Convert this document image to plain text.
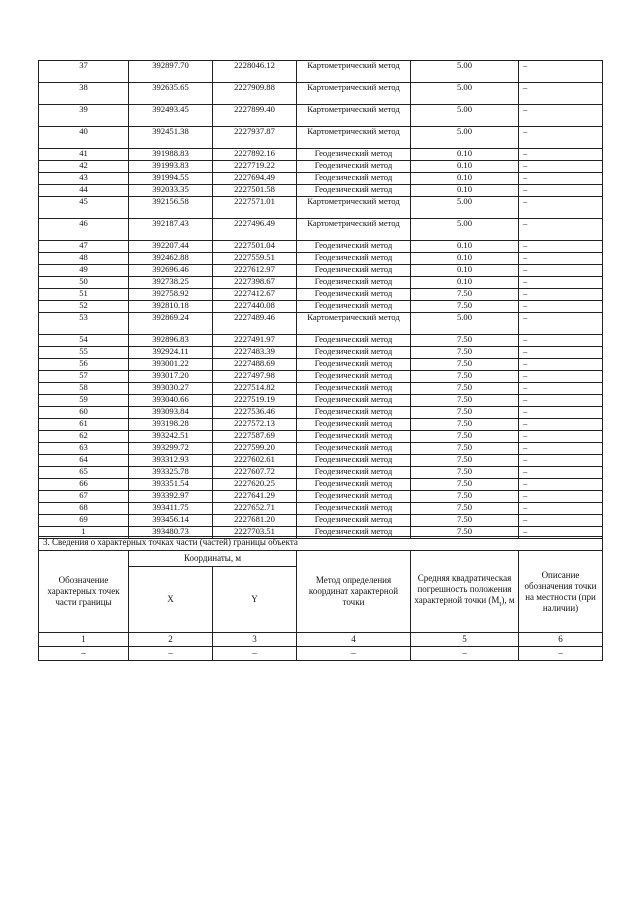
37	392897.70	2228046.12	Картометрический метод	5.00	–
38	392635.65	2227909.88	Картометрический метод	5.00	–
39	392493.45	2227899.40	Картометрический метод	5.00	–
40	392451.38	2227937.87	Картометрический метод	5.00	–
41	391988.83	2227892.16	Геодезический метод	0.10	–
42	391993.83	2227719.22	Геодезический метод	0.10	–
43	391994.55	2227694.49	Геодезический метод	0.10	–
44	392033.35	2227501.58	Геодезический метод	0.10	–
45	392156.58	2227571.01	Картометрический метод	5.00	–
46	392187.43	2227496.49	Картометрический метод	5.00	–
47	392207.44	2227501.04	Геодезический метод	0.10	–
48	392462.88	2227559.51	Геодезический метод	0.10	–
49	392696.46	2227612.97	Геодезический метод	0.10	–
50	392738.25	2227398.67	Геодезический метод	0.10	–
51	392758.92	2227412.67	Геодезический метод	7.50	–
52	392810.18	2227440.08	Геодезический метод	7.50	–
53	392869.24	2227489.46	Картометрический метод	5.00	–
54	392896.83	2227491.97	Геодезический метод	7.50	–
55	392924.11	2227483.39	Геодезический метод	7.50	–
56	393001.22	2227488.69	Геодезический метод	7.50	–
57	393017.20	2227497.98	Геодезический метод	7.50	–
58	393030.27	2227514.82	Геодезический метод	7.50	–
59	393040.66	2227519.19	Геодезический метод	7.50	–
60	393093.84	2227536.46	Геодезический метод	7.50	–
61	393198.28	2227572.13	Геодезический метод	7.50	–
62	393242.51	2227587.69	Геодезический метод	7.50	–
63	393299.72	2227599.20	Геодезический метод	7.50	–
64	393312.93	2227602.61	Геодезический метод	7.50	–
65	393325.78	2227607.72	Геодезический метод	7.50	–
66	393351.54	2227620.25	Геодезический метод	7.50	–
67	393392.97	2227641.29	Геодезический метод	7.50	–
68	393411.75	2227652.71	Геодезический метод	7.50	–
69	393456.14	2227681.20	Геодезический метод	7.50	–
1	393480.73	2227703.51	Геодезический метод	7.50	–
3. Сведения о характерных точках части (частей) границы объекта					
Обозначение характерных точек части границы	Координаты, м		Метод определения координат характерной точки	Средняя квадратическая погрешность положения характерной точки $(M_t)$, м	Описание обозначения точки на местности (при наличии)
	X	Y			
1	2	3	4	5	6
–	–	–	–	–	–
